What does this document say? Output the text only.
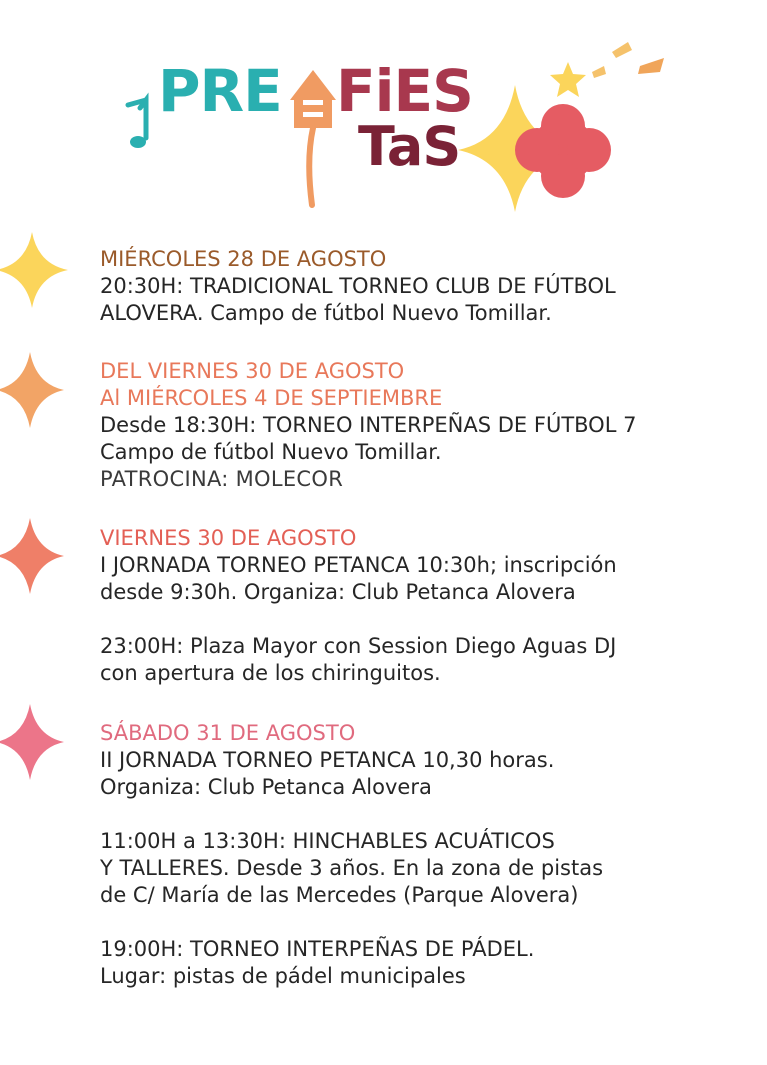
PRE FiES
TaS
MIÉRCOLES 28 DE AGOSTO
20:30H: TRADICIONAL TORNEO CLUB DE FÚTBOL
ALOVERA. Campo de fútbol Nuevo Tomillar.
DEL VIERNES 30 DE AGOSTO
Al MIÉRCOLES 4 DE SEPTIEMBRE
Desde 18:30H: TORNEO INTERPEÑAS DE FÚTBOL 7
Campo de fútbol Nuevo Tomillar.
PATROCINA: MOLECOR
VIERNES 30 DE AGOSTO
I JORNADA TORNEO PETANCA 10:30h; inscripción
desde 9:30h. Organiza: Club Petanca Alovera
23:00H: Plaza Mayor con Session Diego Aguas DJ
con apertura de los chiringuitos.
SÁBADO 31 DE AGOSTO
II JORNADA TORNEO PETANCA 10,30 horas.
Organiza: Club Petanca Alovera
11:00H a 13:30H: HINCHABLES ACUÁTICOS
Y TALLERES. Desde 3 años. En la zona de pistas
de C/ María de las Mercedes (Parque Alovera)
19:00H: TORNEO INTERPEÑAS DE PÁDEL.
Lugar: pistas de pádel municipales
